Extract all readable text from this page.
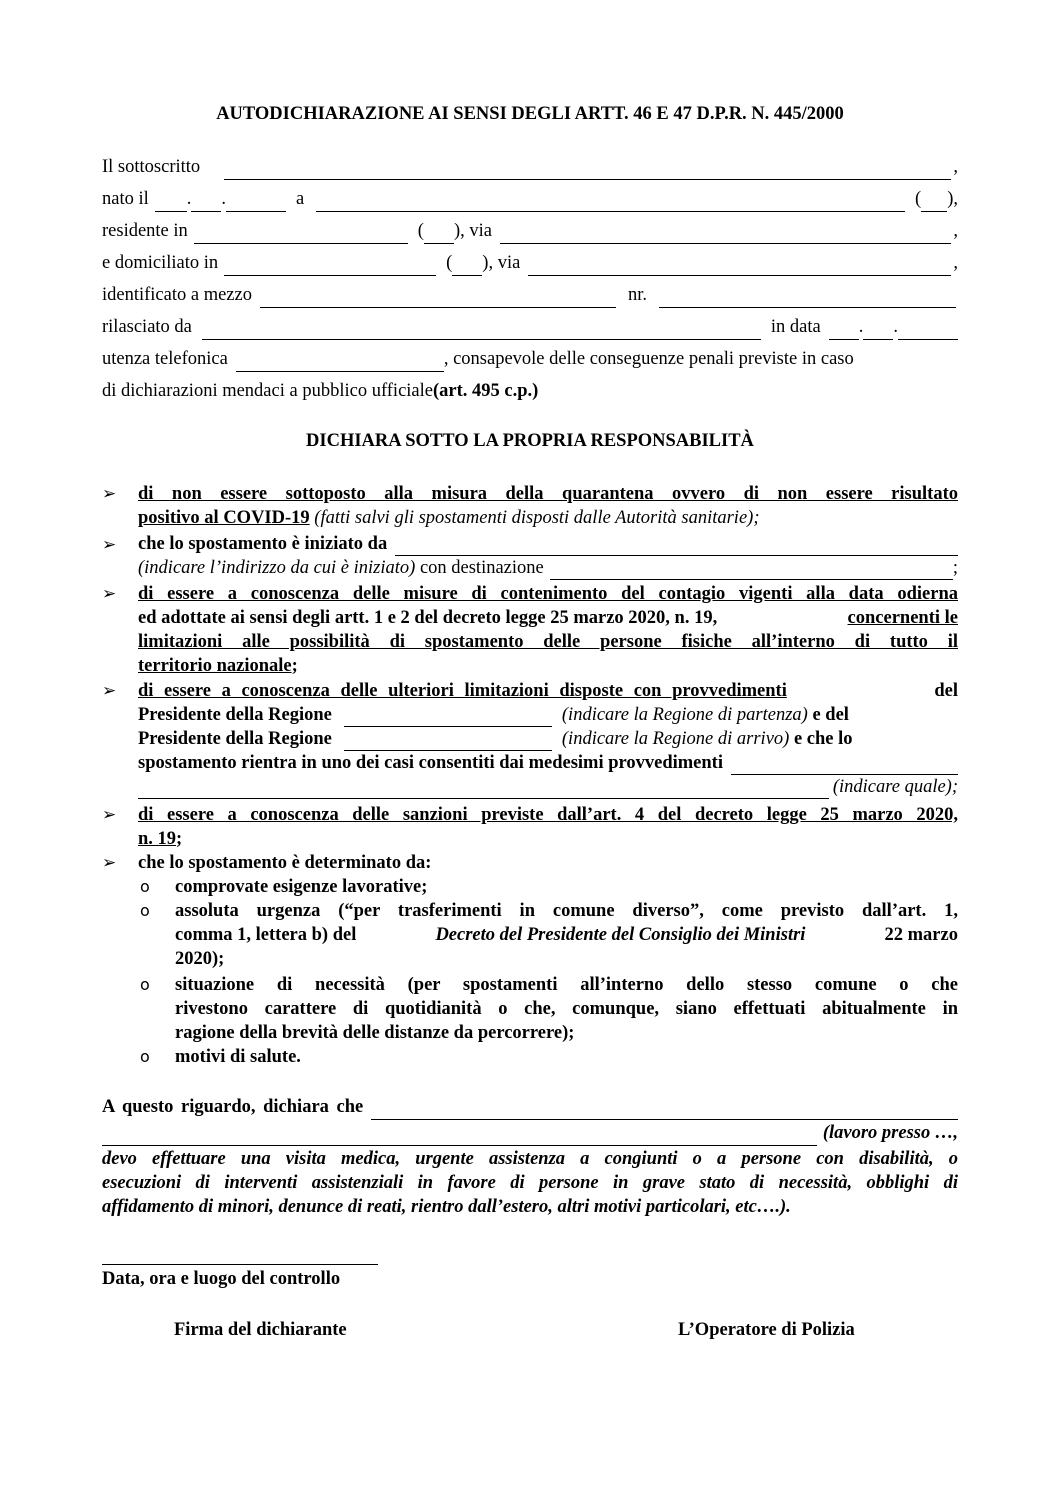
AUTODICHIARAZIONE AI SENSI DEGLI ARTT. 46 E 47 D.P.R. N. 445/2000
Il sottoscritto	,
nato il . .	a	( ),
residente in	( ), via	,
e domiciliato in	( ), via	,
identificato a mezzo	nr.
rilasciato da	in data . .
utenza telefonica	, consapevole delle conseguenze penali previste in caso
di dichiarazioni mendaci a pubblico ufficiale (art. 495 c.p.)
DICHIARA SOTTO LA PROPRIA RESPONSABILITÀ
➢	di non essere sottoposto alla misura della quarantena ovvero di non essere risultato
positivo al COVID-19 (fatti salvi gli spostamenti disposti dalle Autorità sanitarie);
➢	che lo spostamento è iniziato da
(indicare l’indirizzo da cui è iniziato) con destinazione	;
➢	di essere a conoscenza delle misure di contenimento del contagio vigenti alla data odierna
ed adottate ai sensi degli artt. 1 e 2 del decreto legge 25 marzo 2020, n. 19,	concernenti le
limitazioni alle possibilità di spostamento delle persone fisiche all’interno di tutto il
territorio nazionale ;
➢	di essere a conoscenza delle ulteriori limitazioni disposte con provvedimenti	del
Presidente della Regione	(indicare la Regione di partenza) e del
Presidente della Regione	(indicare la Regione di arrivo) e che lo
spostamento rientra in uno dei casi consentiti dai medesimi provvedimenti
(indicare quale);
➢	di essere a conoscenza delle sanzioni previste dall’art. 4 del decreto legge 25 marzo 2020,
n. 19 ;
➢	che lo spostamento è determinato da:
o	comprovate esigenze lavorative;
o	assoluta urgenza (“per trasferimenti in comune diverso”, come previsto dall’art. 1,
comma 1, lettera b) del	Decreto del Presidente del Consiglio dei Ministri	22 marzo
2020);
o	situazione di necessità (per spostamenti all’interno dello stesso comune o che
rivestono carattere di quotidianità o che, comunque, siano effettuati abitualmente in
ragione della brevità delle distanze da percorrere);
o	motivi di salute.
A questo riguardo, dichiara che
(lavoro presso …,
devo effettuare una visita medica, urgente assistenza a congiunti o a persone con disabilità, o
esecuzioni di interventi assistenziali in favore di persone in grave stato di necessità, obblighi di
affidamento di minori, denunce di reati, rientro dall’estero, altri motivi particolari, etc….).
Data, ora e luogo del controllo
Firma del dichiarante	L’Operatore di Polizia
